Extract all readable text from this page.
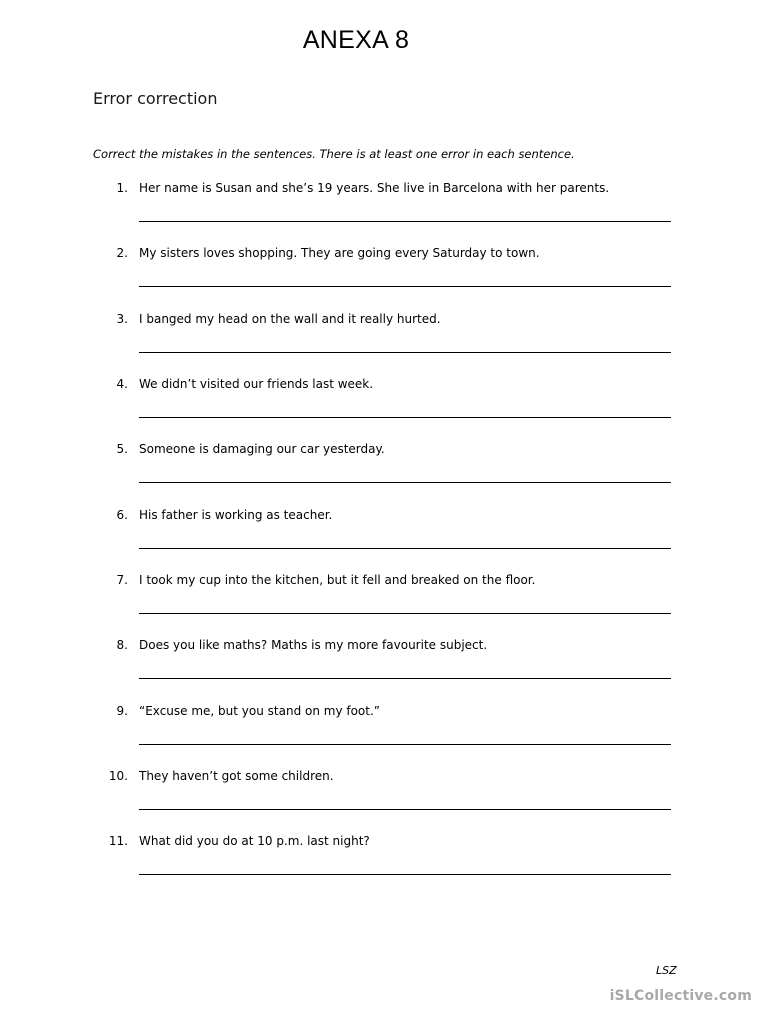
ANEXA 8
Error correction
Correct the mistakes in the sentences. There is at least one error in each sentence.
1. Her name is Susan and she’s 19 years. She live in Barcelona with her parents.
2. My sisters loves shopping. They are going every Saturday to town.
3. I banged my head on the wall and it really hurted.
4. We didn’t visited our friends last week.
5. Someone is damaging our car yesterday.
6. His father is working as teacher.
7. I took my cup into the kitchen, but it fell and breaked on the floor.
8. Does you like maths? Maths is my more favourite subject.
9. “Excuse me, but you stand on my foot.”
10. They haven’t got some children.
11. What did you do at 10 p.m. last night?
LSZ
iSLCollective.com
